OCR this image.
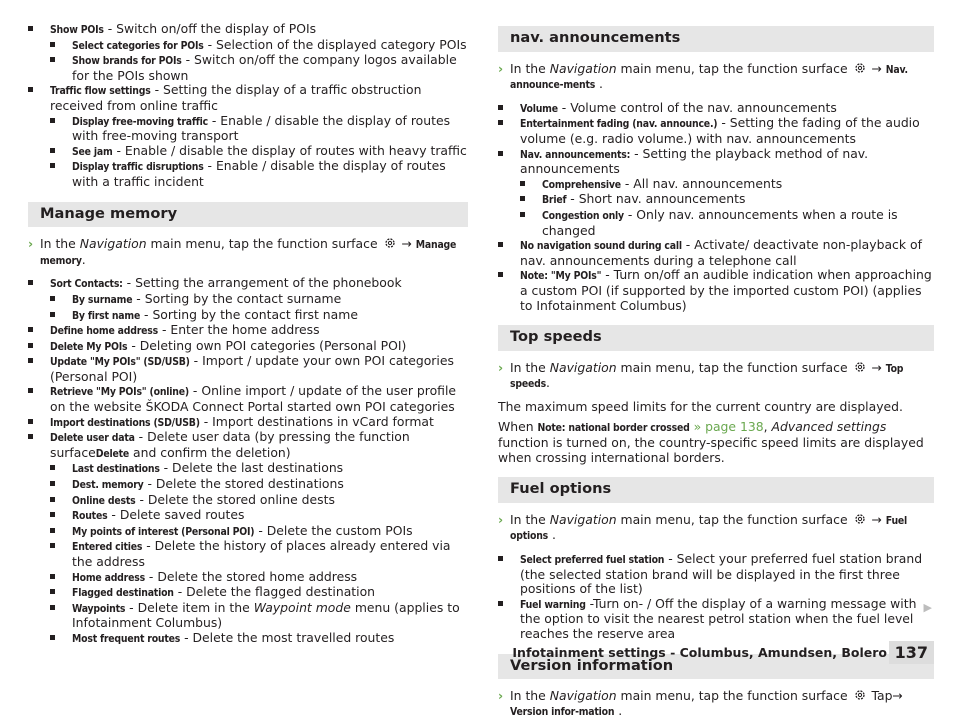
Show POIs - Switch on/off the display of POIs
Select categories for POIs - Selection of the displayed category POIs
Show brands for POIs - Switch on/off the company logos available for the POIs shown
Traffic flow settings - Setting the display of a traffic obstruction received from online traffic
Display free-moving traffic - Enable / disable the display of routes with free-moving transport
See jam - Enable / disable the display of routes with heavy traffic
Display traffic disruptions - Enable / disable the display of routes with a traffic incident
Manage memory
› In the Navigation main menu, tap the function surface  → Manage memory.
Sort Contacts: - Setting the arrangement of the phonebook
By surname - Sorting by the contact surname
By first name - Sorting by the contact first name
Define home address - Enter the home address
Delete My POIs - Deleting own POI categories (Personal POI)
Update "My POIs" (SD/USB) - Import / update your own POI categories (Personal POI)
Retrieve "My POIs" (online) - Online import / update of the user profile on the website ŠKODA Connect Portal started own POI categories
Import destinations (SD/USB) - Import destinations in vCard format
Delete user data - Delete user data (by pressing the function surfaceDelete and confirm the deletion)
Last destinations - Delete the last destinations
Dest. memory - Delete the stored destinations
Online dests - Delete the stored online dests
Routes - Delete saved routes
My points of interest (Personal POI) - Delete the custom POIs
Entered cities - Delete the history of places already entered via the address
Home address - Delete the stored home address
Flagged destination - Delete the flagged destination
Waypoints - Delete item in the Waypoint mode menu (applies to Infotainment Columbus)
Most frequent routes - Delete the most travelled routes
nav. announcements
› In the Navigation main menu, tap the function surface  → Nav. announce-ments .
Volume - Volume control of the nav. announcements
Entertainment fading (nav. announce.) - Setting the fading of the audio volume (e.g. radio volume.) with nav. announcements
Nav. announcements: - Setting the playback method of nav. announcements
Comprehensive - All nav. announcements
Brief - Short nav. announcements
Congestion only - Only nav. announcements when a route is changed
No navigation sound during call - Activate/ deactivate non-playback of nav. announcements during a telephone call
Note: "My POIs" - Turn on/off an audible indication when approaching a custom POI (if supported by the imported custom POI) (applies to Infotainment Columbus)
Top speeds
› In the Navigation main menu, tap the function surface  → Top speeds.
The maximum speed limits for the current country are displayed.
When Note: national border crossed » page 138, Advanced settings function is turned on, the country-specific speed limits are displayed when crossing international borders.
Fuel options
› In the Navigation main menu, tap the function surface  → Fuel options .
Select preferred fuel station - Select your preferred fuel station brand (the selected station brand will be displayed in the first three positions of the list)
Fuel warning -Turn on- / Off the display of a warning message with the option to visit the nearest petrol station when the fuel level reaches the reserve area
Version information
› In the Navigation main menu, tap the function surface  Tap→ Version infor-mation .
▶
Infotainment settings - Columbus, Amundsen, Bolero 137
